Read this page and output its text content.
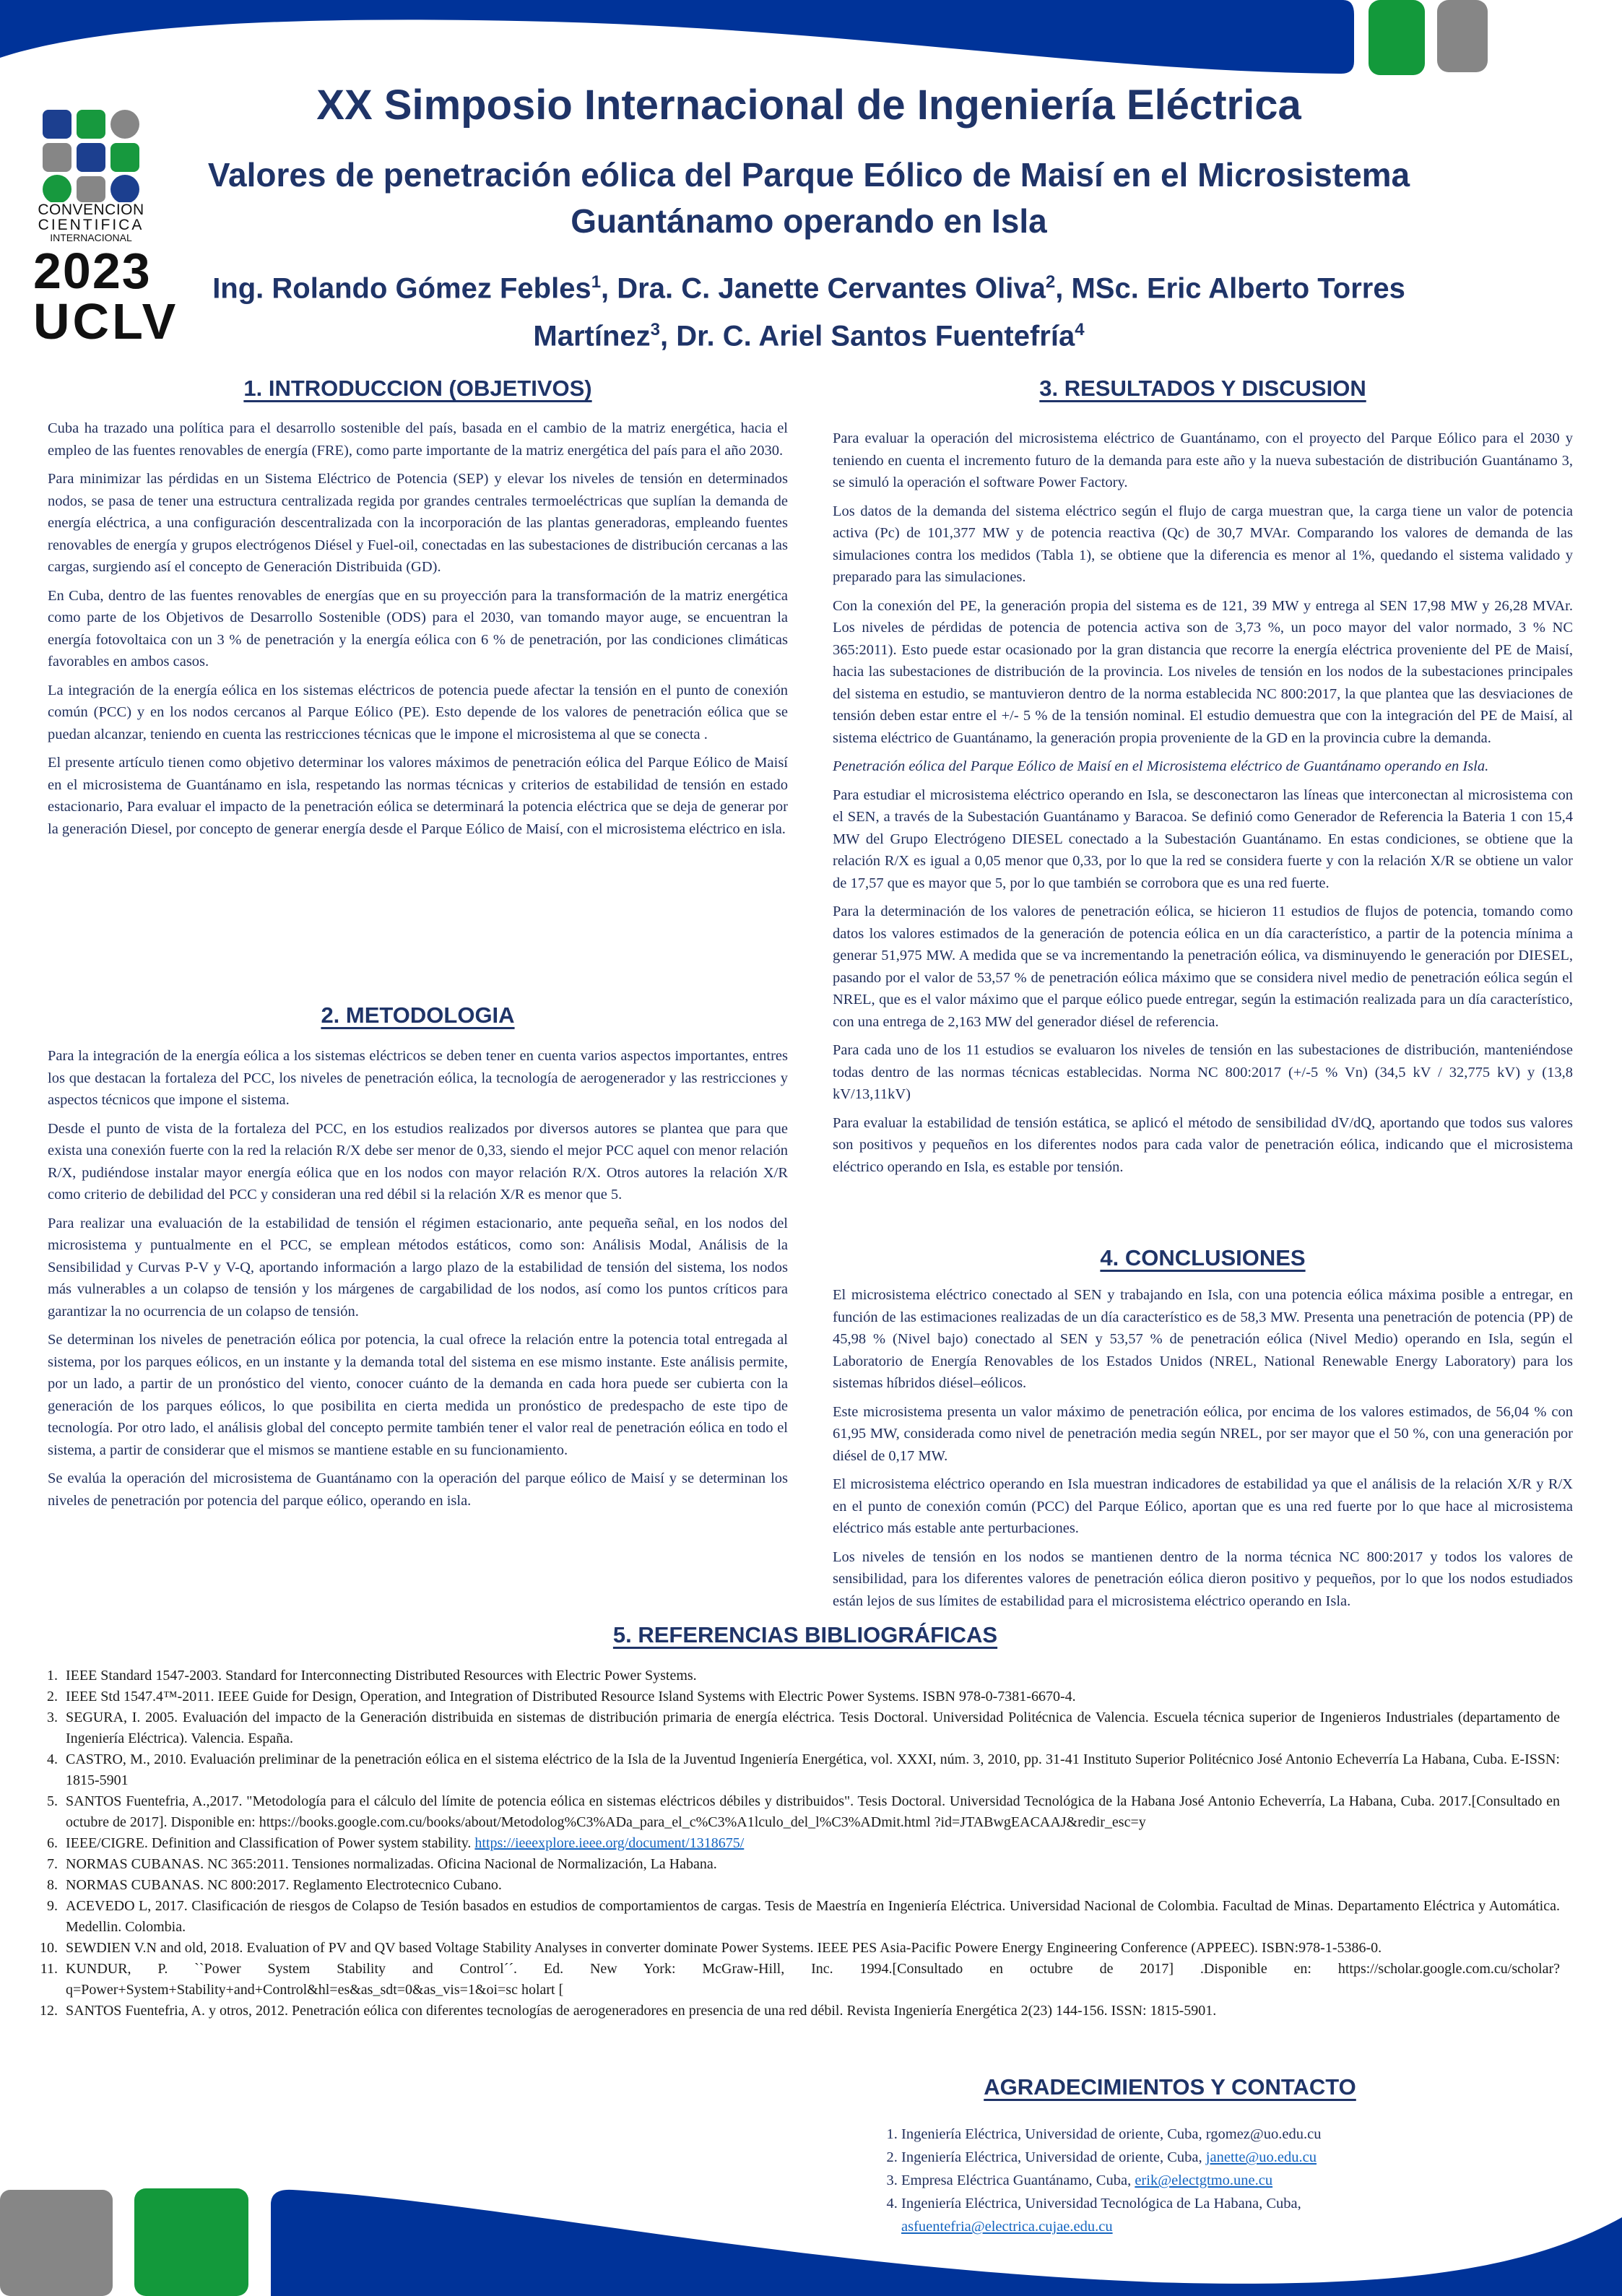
CONVENCION
CIENTIFICA
INTERNACIONAL
2023
UCLV
XX Simposio Internacional de Ingeniería Eléctrica
Valores de penetración eólica del Parque Eólico de Maisí en el Microsistema Guantánamo operando en Isla
Ing. Rolando Gómez Febles$^1$, Dra. C. Janette Cervantes Oliva$^2$, MSc. Eric Alberto Torres Martínez$^3$, Dr. C. Ariel Santos Fuentefría$^4$
1. INTRODUCCION (OBJETIVOS)
2. METODOLOGIA
3. RESULTADOS Y DISCUSION
4. CONCLUSIONES
5. REFERENCIAS BIBLIOGRÁFICAS
AGRADECIMIENTOS Y CONTACTO

Cuba ha trazado una política para el desarrollo sostenible del país, basada en el cambio de la matriz energética, hacia el empleo de las fuentes renovables de energía (FRE), como parte importante de la matriz energética del país para el año 2030.

Para minimizar las pérdidas en un Sistema Eléctrico de Potencia (SEP) y elevar los niveles de tensión en determinados nodos, se pasa de tener una estructura centralizada regida por grandes centrales termoeléctricas que suplían la demanda de energía eléctrica, a una configuración descentralizada con la incorporación de las plantas generadoras, empleando fuentes renovables de energía y grupos electrógenos Diésel y Fuel-oil, conectadas en las subestaciones de distribución cercanas a las cargas, surgiendo así el concepto de Generación Distribuida (GD).

En Cuba, dentro de las fuentes renovables de energías que en su proyección para la transformación de la matriz energética como parte de los Objetivos de Desarrollo Sostenible (ODS) para el 2030, van tomando mayor auge, se encuentran la energía fotovoltaica con un 3 % de penetración y la energía eólica con 6 % de penetración, por las condiciones climáticas favorables en ambos casos.

La integración de la energía eólica en los sistemas eléctricos de potencia puede afectar la tensión en el punto de conexión común (PCC) y en los nodos cercanos al Parque Eólico (PE). Esto depende de los valores de penetración eólica que se puedan alcanzar, teniendo en cuenta las restricciones técnicas que le impone el microsistema al que se conecta .

El presente artículo tienen como objetivo determinar los valores máximos de penetración eólica del Parque Eólico de Maisí en el microsistema de Guantánamo en isla, respetando las normas técnicas y criterios de estabilidad de tensión en estado estacionario, Para evaluar el impacto de la penetración eólica se determinará la potencia eléctrica que se deja de generar por la generación Diesel, por concepto de generar energía desde el Parque Eólico de Maisí, con el microsistema eléctrico en isla.

Para la integración de la energía eólica a los sistemas eléctricos se deben tener en cuenta varios aspectos importantes, entres los que destacan la fortaleza del PCC, los niveles de penetración eólica, la tecnología de aerogenerador y las restricciones y aspectos técnicos que impone el sistema.

Desde el punto de vista de la fortaleza del PCC, en los estudios realizados por diversos autores se plantea que para que exista una conexión fuerte con la red la relación R/X debe ser menor de 0,33, siendo el mejor PCC aquel con menor relación R/X, pudiéndose instalar mayor energía eólica que en los nodos con mayor relación R/X. Otros autores la relación X/R como criterio de debilidad del PCC y consideran una red débil si la relación X/R es menor que 5.

Para realizar una evaluación de la estabilidad de tensión el régimen estacionario, ante pequeña señal, en los nodos del microsistema y puntualmente en el PCC, se emplean métodos estáticos, como son: Análisis Modal, Análisis de la Sensibilidad y Curvas P-V y V-Q, aportando información a largo plazo de la estabilidad de tensión del sistema, los nodos más vulnerables a un colapso de tensión y los márgenes de cargabilidad de los nodos, así como los puntos críticos para garantizar la no ocurrencia de un colapso de tensión.

Se determinan los niveles de penetración eólica por potencia, la cual ofrece la relación entre la potencia total entregada al sistema, por los parques eólicos, en un instante y la demanda total del sistema en ese mismo instante. Este análisis permite, por un lado, a partir de un pronóstico del viento, conocer cuánto de la demanda en cada hora puede ser cubierta con la generación de los parques eólicos, lo que posibilita en cierta medida un pronóstico de predespacho de este tipo de tecnología. Por otro lado, el análisis global del concepto permite también tener el valor real de penetración eólica en todo el sistema, a partir de considerar que el mismos se mantiene estable en su funcionamiento.

Se evalúa la operación del microsistema de Guantánamo con la operación del parque eólico de Maisí y se determinan los niveles de penetración por potencia del parque eólico, operando en isla.

Para evaluar la operación del microsistema eléctrico de Guantánamo, con el proyecto del Parque Eólico para el 2030 y teniendo en cuenta el incremento futuro de la demanda para este año y la nueva subestación de distribución Guantánamo 3, se simuló la operación el software Power Factory.

Los datos de la demanda del sistema eléctrico según el flujo de carga muestran que, la carga tiene un valor de potencia activa (Pc) de 101,377 MW y de potencia reactiva (Qc) de 30,7 MVAr. Comparando los valores de demanda de las simulaciones contra los medidos (Tabla 1), se obtiene que la diferencia es menor al 1%, quedando el sistema validado y preparado para las simulaciones.

Con la conexión del PE, la generación propia del sistema es de 121, 39 MW y entrega al SEN 17,98 MW y 26,28 MVAr. Los niveles de pérdidas de potencia de potencia activa son de 3,73 %, un poco mayor del valor normado, 3 % NC 365:2011). Esto puede estar ocasionado por la gran distancia que recorre la energía eléctrica proveniente del PE de Maisí, hacia las subestaciones de distribución de la provincia. Los niveles de tensión en los nodos de la subestaciones principales del sistema en estudio, se mantuvieron dentro de la norma establecida NC 800:2017, la que plantea que las desviaciones de tensión deben estar entre el +/- 5 % de la tensión nominal. El estudio demuestra que con la integración del PE de Maisí, al sistema eléctrico de Guantánamo, la generación propia proveniente de la GD en la provincia cubre la demanda.

Penetración eólica del Parque Eólico de Maisí en el Microsistema eléctrico de Guantánamo operando en Isla.

Para estudiar el microsistema eléctrico operando en Isla, se desconectaron las líneas que interconectan al microsistema con el SEN, a través de la Subestación Guantánamo y Baracoa. Se definió como Generador de Referencia la Bateria 1 con 15,4 MW del Grupo Electrógeno DIESEL conectado a la Subestación Guantánamo. En estas condiciones, se obtiene que la relación R/X es igual a 0,05 menor que 0,33, por lo que la red se considera fuerte y con la relación X/R se obtiene un valor de 17,57 que es mayor que 5, por lo que también se corrobora que es una red fuerte.

Para la determinación de los valores de penetración eólica, se hicieron 11 estudios de flujos de potencia, tomando como datos los valores estimados de la generación de potencia eólica en un día característico, a partir de la potencia mínima a generar 51,975 MW. A medida que se va incrementando la penetración eólica, va disminuyendo le generación por DIESEL, pasando por el valor de 53,57 % de penetración eólica máximo que se considera nivel medio de penetración eólica según el NREL, que es el valor máximo que el parque eólico puede entregar, según la estimación realizada para un día característico, con una entrega de 2,163 MW del generador diésel de referencia.

Para cada uno de los 11 estudios se evaluaron los niveles de tensión en las subestaciones de distribución, manteniéndose todas dentro de las normas técnicas establecidas. Norma NC 800:2017 (+/-5 % Vn) (34,5 kV / 32,775 kV) y (13,8 kV/13,11kV)

Para evaluar la estabilidad de tensión estática, se aplicó el método de sensibilidad dV/dQ, aportando que todos sus valores son positivos y pequeños en los diferentes nodos para cada valor de penetración eólica, indicando que el microsistema eléctrico operando en Isla, es estable por tensión.

El microsistema eléctrico conectado al SEN y trabajando en Isla, con una potencia eólica máxima posible a entregar, en función de las estimaciones realizadas de un día característico es de 58,3 MW. Presenta una penetración de potencia (PP) de 45,98 % (Nivel bajo) conectado al SEN y 53,57 % de penetración eólica (Nivel Medio) operando en Isla, según el Laboratorio de Energía Renovables de los Estados Unidos (NREL, National Renewable Energy Laboratory) para los sistemas híbridos diésel–eólicos.

Este microsistema presenta un valor máximo de penetración eólica, por encima de los valores estimados, de 56,04 % con 61,95 MW, considerada como nivel de penetración media según NREL, por ser mayor que el 50 %, con una generación por diésel de 0,17 MW.

El microsistema eléctrico operando en Isla muestran indicadores de estabilidad ya que el análisis de la relación X/R y R/X en el punto de conexión común (PCC) del Parque Eólico, aportan que es una red fuerte por lo que hace al microsistema eléctrico más estable ante perturbaciones.

Los niveles de tensión en los nodos se mantienen dentro de la norma técnica NC 800:2017 y todos los valores de sensibilidad, para los diferentes valores de penetración eólica dieron positivo y pequeños, por lo que los nodos estudiados están lejos de sus límites de estabilidad para el microsistema eléctrico operando en Isla.

1. IEEE Standard 1547-2003. Standard for Interconnecting Distributed Resources with Electric Power Systems.
2. IEEE Std 1547.4™-2011. IEEE Guide for Design, Operation, and Integration of Distributed Resource Island Systems with Electric Power Systems. ISBN 978-0-7381-6670-4.
3. SEGURA, I. 2005. Evaluación del impacto de la Generación distribuida en sistemas de distribución primaria de energía eléctrica. Tesis Doctoral. Universidad Politécnica de Valencia. Escuela técnica superior de Ingenieros Industriales (departamento de Ingeniería Eléctrica). Valencia. España.
4. CASTRO, M., 2010. Evaluación preliminar de la penetración eólica en el sistema eléctrico de la Isla de la Juventud Ingeniería Energética, vol. XXXI, núm. 3, 2010, pp. 31-41 Instituto Superior Politécnico José Antonio Echeverría La Habana, Cuba. E-ISSN: 1815-5901
5. SANTOS Fuentefria, A.,2017. "Metodología para el cálculo del límite de potencia eólica en sistemas eléctricos débiles y distribuidos". Tesis Doctoral. Universidad Tecnológica de la Habana José Antonio Echeverría, La Habana, Cuba. 2017.[Consultado en octubre de 2017]. Disponible en: https://books.google.com.cu/books/about/Metodolog%C3%ADa_para_el_c%C3%A1lculo_del_l%C3%ADmit.html ?id=JTABwgEACAAJ&redir_esc=y
6. IEEE/CIGRE. Definition and Classification of Power system stability. https://ieeexplore.ieee.org/document/1318675/
7. NORMAS CUBANAS. NC 365:2011. Tensiones normalizadas. Oficina Nacional de Normalización, La Habana.
8. NORMAS CUBANAS. NC 800:2017. Reglamento Electrotecnico Cubano.
9. ACEVEDO L, 2017. Clasificación de riesgos de Colapso de Tesión basados en estudios de comportamientos de cargas. Tesis de Maestría en Ingeniería Eléctrica. Universidad Nacional de Colombia. Facultad de Minas. Departamento Eléctrica y Automática. Medellin. Colombia.
10. SEWDIEN V.N and old, 2018. Evaluation of PV and QV based Voltage Stability Analyses in converter dominate Power Systems. IEEE PES Asia-Pacific Powere Energy Engineering Conference (APPEEC). ISBN:978-1-5386-0.
11. KUNDUR, P. ``Power System Stability and Control´´. Ed. New York: McGraw-Hill, Inc. 1994.[Consultado en octubre de 2017] .Disponible en: https://scholar.google.com.cu/scholar?q=Power+System+Stability+and+Control&hl=es&as_sdt=0&as_vis=1&oi=sc holart [
12. SANTOS Fuentefria, A. y otros, 2012. Penetración eólica con diferentes tecnologías de aerogeneradores en presencia de una red débil. Revista Ingeniería Energética 2(23) 144-156. ISSN: 1815-5901.
1. Ingeniería Eléctrica, Universidad de oriente, Cuba, rgomez@uo.edu.cu
2. Ingeniería Eléctrica, Universidad de oriente, Cuba, janette@uo.edu.cu
3. Empresa Eléctrica Guantánamo, Cuba, erik@electgtmo.une.cu
4. Ingeniería Eléctrica, Universidad Tecnológica de La Habana, Cuba,
asfuentefria@electrica.cujae.edu.cu
